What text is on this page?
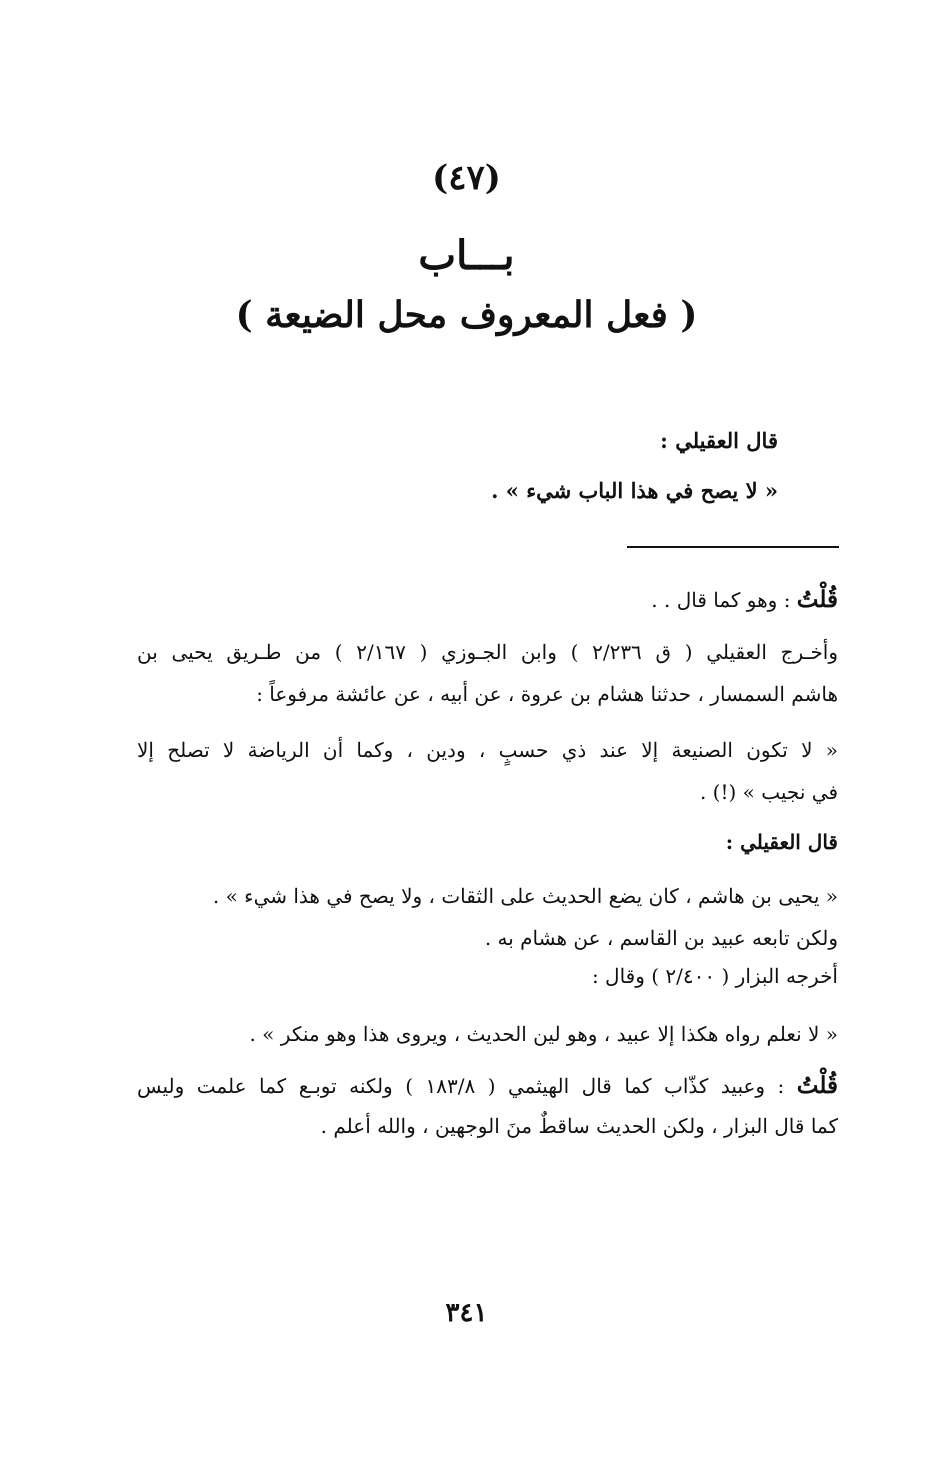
(٤٧)
بـــاب
( فعل المعروف محل الضيعة )
قال العقيلي :
« لا يصح في هذا الباب شيء » .
قُلْتُ : وهو كما قال . .
وأخـرج العقيلي ( ق ٢/٢٣٦ ) وابن الجـوزي ( ٢/١٦٧ ) من طـريق يحيى بن
هاشم السمسار ، حدثنا هشام بن عروة ، عن أبيه ، عن عائشة مرفوعاً :
« لا تكون الصنيعة إلا عند ذي حسبٍ ، ودين ، وكما أن الرياضة لا تصلح إلا
في نجيب » (!) .
قال العقيلي :
« يحيى بن هاشم ، كان يضع الحديث على الثقات ، ولا يصح في هذا شيء » .
ولكن تابعه عبيد بن القاسم ، عن هشام به .
أخرجه البزار ( ٢/٤٠٠ ) وقال :
« لا نعلم رواه هكذا إلا عبيد ، وهو لين الحديث ، ويروى هذا وهو منكر » .
قُلْتُ : وعبيد كذّاب كما قال الهيثمي ( ١٨٣/٨ ) ولكنه توبـع كما علمت وليس
كما قال البزار ، ولكن الحديث ساقطٌ منَ الوجهين ، والله أعلم .
٣٤١
